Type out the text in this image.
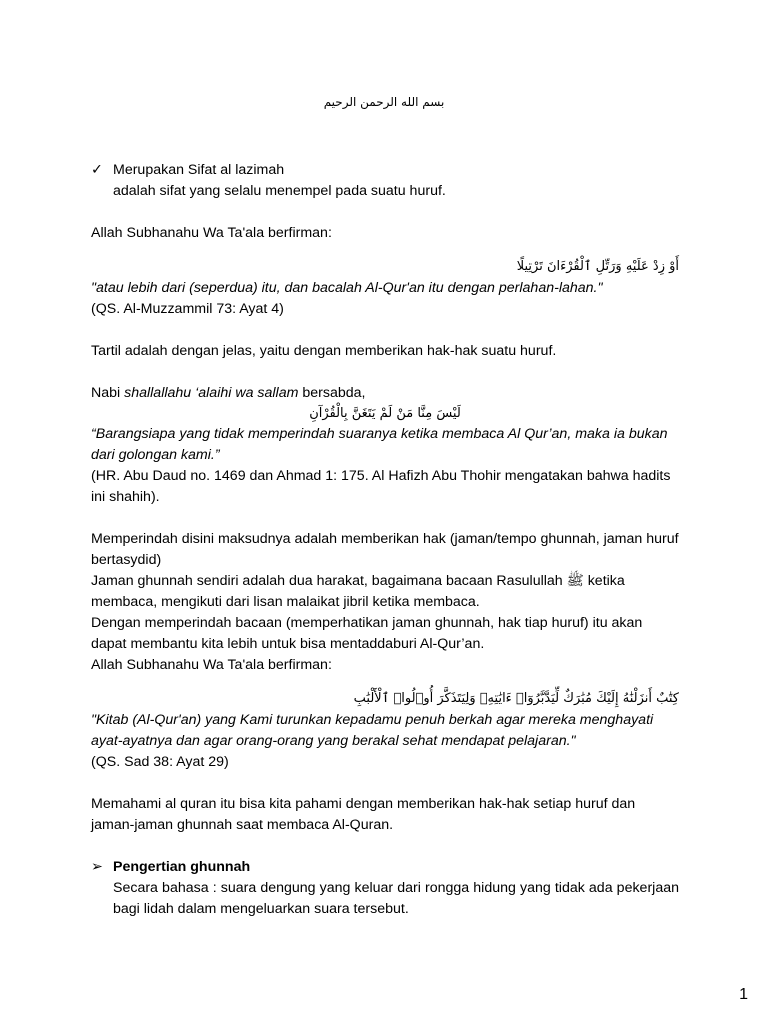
بسم الله الرحمن الرحيم
✓ Merupakan Sifat al lazimah

adalah sifat yang selalu menempel pada suatu huruf.

Allah Subhanahu Wa Ta'ala berfirman:

أَوْ زِدْ عَلَيْهِ وَرَتِّلِ ٱلْقُرْءَانَ تَرْتِيلًا

"atau lebih dari (seperdua) itu, dan bacalah Al-Qur'an itu dengan perlahan-lahan."

(QS. Al-Muzzammil 73: Ayat 4)

Tartil adalah dengan jelas, yaitu dengan memberikan hak-hak suatu huruf.

Nabi shallallahu ‘alaihi wa sallam bersabda,

لَيْسَ مِنَّا مَنْ لَمْ يَتَغَنَّ بِالْقُرْآنِ

“Barangsiapa yang tidak memperindah suaranya ketika membaca Al Qur’an, maka ia bukan dari golongan kami.”

(HR. Abu Daud no. 1469 dan Ahmad 1: 175. Al Hafizh Abu Thohir mengatakan bahwa hadits ini shahih).

Memperindah disini maksudnya adalah memberikan hak (jaman/tempo ghunnah, jaman huruf bertasydid)

Jaman ghunnah sendiri adalah dua harakat, bagaimana bacaan Rasulullah ﷺ ketika membaca, mengikuti dari lisan malaikat jibril ketika membaca.

Dengan memperindah bacaan (memperhatikan jaman ghunnah, hak tiap huruf) itu akan dapat membantu kita lebih untuk bisa mentaddaburi Al-Qur’an.

Allah Subhanahu Wa Ta'ala berfirman:

كِتَٰبٌ أَنزَلْنَٰهُ إِلَيْكَ مُبَٰرَكٌ لِّيَدَّبَّرُوٓا۟ ءَايَٰتِهِۦ وَلِيَتَذَكَّرَ أُو۟لُوا۟ ٱلْأَلْبَٰبِ

"Kitab (Al-Qur'an) yang Kami turunkan kepadamu penuh berkah agar mereka menghayati ayat-ayatnya dan agar orang-orang yang berakal sehat mendapat pelajaran."

(QS. Sad 38: Ayat 29)

Memahami al quran itu bisa kita pahami dengan memberikan hak-hak setiap huruf dan jaman-jaman ghunnah saat membaca Al-Quran.

➢ Pengertian ghunnah

Secara bahasa : suara dengung yang keluar dari rongga hidung yang tidak ada pekerjaan bagi lidah dalam mengeluarkan suara tersebut.

1
